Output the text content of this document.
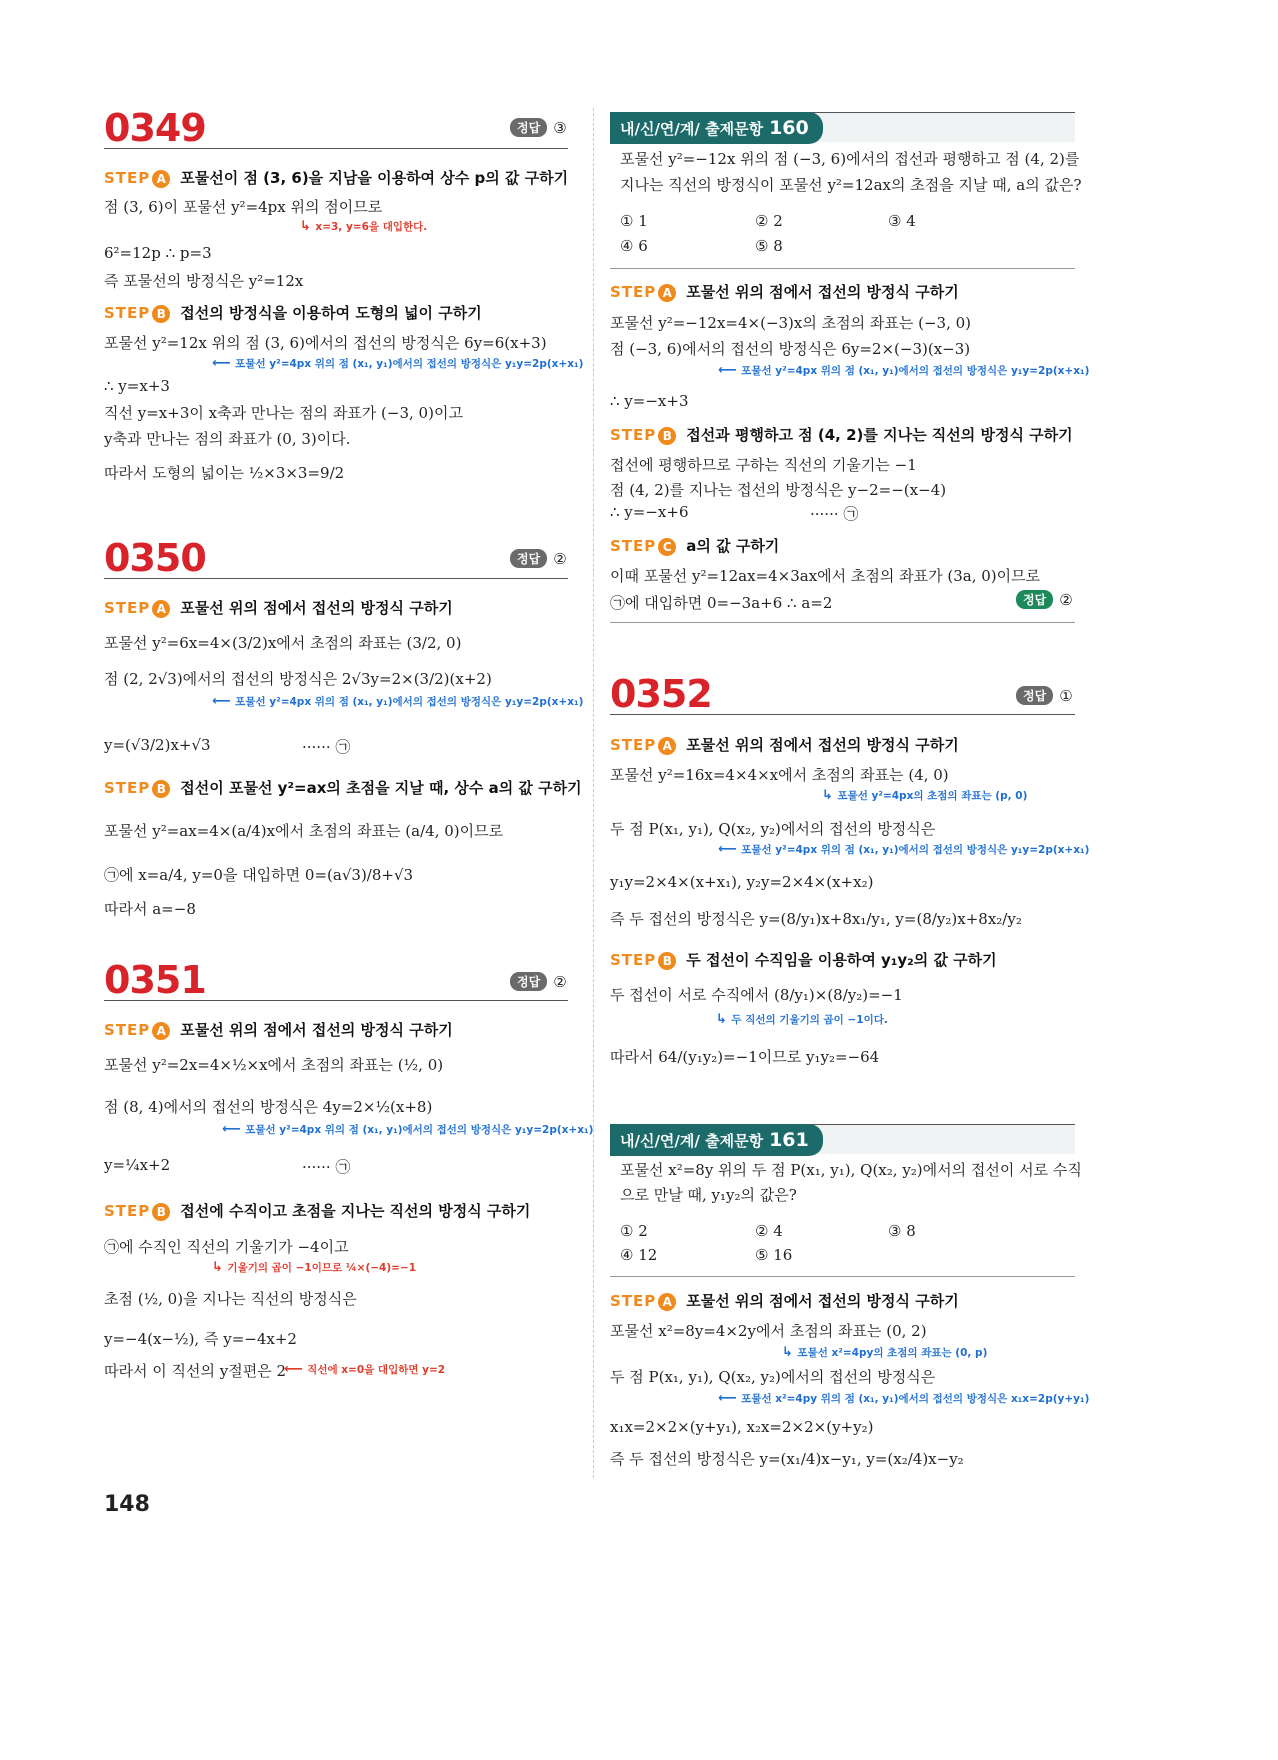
0349	정답 ③
STEP A 포물선이 점 (3, 6)을 지남을 이용하여 상수 p의 값 구하기
점 (3, 6)이 포물선 y²=4px 위의 점이므로
↳ x=3, y=6을 대입한다.
6²=12p ∴ p=3
즉 포물선의 방정식은 y²=12x
STEP B 접선의 방정식을 이용하여 도형의 넓이 구하기
포물선 y²=12x 위의 점 (3, 6)에서의 접선의 방정식은 6y=6(x+3)
⟵ 포물선 y²=4px 위의 점 (x₁, y₁)에서의 접선의 방정식은 y₁y=2p(x+x₁)
∴ y=x+3
직선 y=x+3이 x축과 만나는 점의 좌표가 (−3, 0)이고
y축과 만나는 점의 좌표가 (0, 3)이다.
따라서 도형의 넓이는 ½×3×3=9/2
0350	정답 ②
STEP A 포물선 위의 점에서 접선의 방정식 구하기
포물선 y²=6x=4×(3/2)x에서 초점의 좌표는 (3/2, 0)
점 (2, 2√3)에서의 접선의 방정식은 2√3y=2×(3/2)(x+2)
⟵ 포물선 y²=4px 위의 점 (x₁, y₁)에서의 접선의 방정식은 y₁y=2p(x+x₁)
y=(√3/2)x+√3	······ ㉠
STEP B 접선이 포물선 y²=ax의 초점을 지날 때, 상수 a의 값 구하기
포물선 y²=ax=4×(a/4)x에서 초점의 좌표는 (a/4, 0)이므로
㉠에 x=a/4, y=0을 대입하면 0=(a√3)/8+√3
따라서 a=−8
0351	정답 ②
STEP A 포물선 위의 점에서 접선의 방정식 구하기
포물선 y²=2x=4×½×x에서 초점의 좌표는 (½, 0)
점 (8, 4)에서의 접선의 방정식은 4y=2×½(x+8)
⟵ 포물선 y²=4px 위의 점 (x₁, y₁)에서의 접선의 방정식은 y₁y=2p(x+x₁)
y=¼x+2	······ ㉠
STEP B 접선에 수직이고 초점을 지나는 직선의 방정식 구하기
㉠에 수직인 직선의 기울기가 −4이고
↳ 기울기의 곱이 −1이므로 ¼×(−4)=−1
초점 (½, 0)을 지나는 직선의 방정식은
y=−4(x−½), 즉 y=−4x+2
따라서 이 직선의 y절편은 2
⟵ 직선에 x=0을 대입하면 y=2
내/신/연/계/ 출제문항 160
포물선 y²=−12x 위의 점 (−3, 6)에서의 접선과 평행하고 점 (4, 2)를
지나는 직선의 방정식이 포물선 y²=12ax의 초점을 지날 때, a의 값은?
① 1	② 2	③ 4
④ 6	⑤ 8
STEP A 포물선 위의 점에서 접선의 방정식 구하기
포물선 y²=−12x=4×(−3)x의 초점의 좌표는 (−3, 0)
점 (−3, 6)에서의 접선의 방정식은 6y=2×(−3)(x−3)
⟵ 포물선 y²=4px 위의 점 (x₁, y₁)에서의 접선의 방정식은 y₁y=2p(x+x₁)
∴ y=−x+3
STEP B 접선과 평행하고 점 (4, 2)를 지나는 직선의 방정식 구하기
접선에 평행하므로 구하는 직선의 기울기는 −1
점 (4, 2)를 지나는 접선의 방정식은 y−2=−(x−4)
∴ y=−x+6	······ ㉠
STEP C a의 값 구하기
이때 포물선 y²=12ax=4×3ax에서 초점의 좌표가 (3a, 0)이므로
㉠에 대입하면 0=−3a+6 ∴ a=2	정답 ②
0352	정답 ①
STEP A 포물선 위의 점에서 접선의 방정식 구하기
포물선 y²=16x=4×4×x에서 초점의 좌표는 (4, 0)
↳ 포물선 y²=4px의 초점의 좌표는 (p, 0)
두 점 P(x₁, y₁), Q(x₂, y₂)에서의 접선의 방정식은
⟵ 포물선 y²=4px 위의 점 (x₁, y₁)에서의 접선의 방정식은 y₁y=2p(x+x₁)
y₁y=2×4×(x+x₁), y₂y=2×4×(x+x₂)
즉 두 접선의 방정식은 y=(8/y₁)x+8x₁/y₁, y=(8/y₂)x+8x₂/y₂
STEP B 두 접선이 수직임을 이용하여 y₁y₂의 값 구하기
두 접선이 서로 수직에서 (8/y₁)×(8/y₂)=−1
↳ 두 직선의 기울기의 곱이 −1이다.
따라서 64/(y₁y₂)=−1이므로 y₁y₂=−64
내/신/연/계/ 출제문항 161
포물선 x²=8y 위의 두 점 P(x₁, y₁), Q(x₂, y₂)에서의 접선이 서로 수직
으로 만날 때, y₁y₂의 값은?
① 2	② 4	③ 8
④ 12	⑤ 16
STEP A 포물선 위의 점에서 접선의 방정식 구하기
포물선 x²=8y=4×2y에서 초점의 좌표는 (0, 2)
↳ 포물선 x²=4py의 초점의 좌표는 (0, p)
두 점 P(x₁, y₁), Q(x₂, y₂)에서의 접선의 방정식은
⟵ 포물선 x²=4py 위의 점 (x₁, y₁)에서의 접선의 방정식은 x₁x=2p(y+y₁)
x₁x=2×2×(y+y₁), x₂x=2×2×(y+y₂)
즉 두 접선의 방정식은 y=(x₁/4)x−y₁, y=(x₂/4)x−y₂
148
